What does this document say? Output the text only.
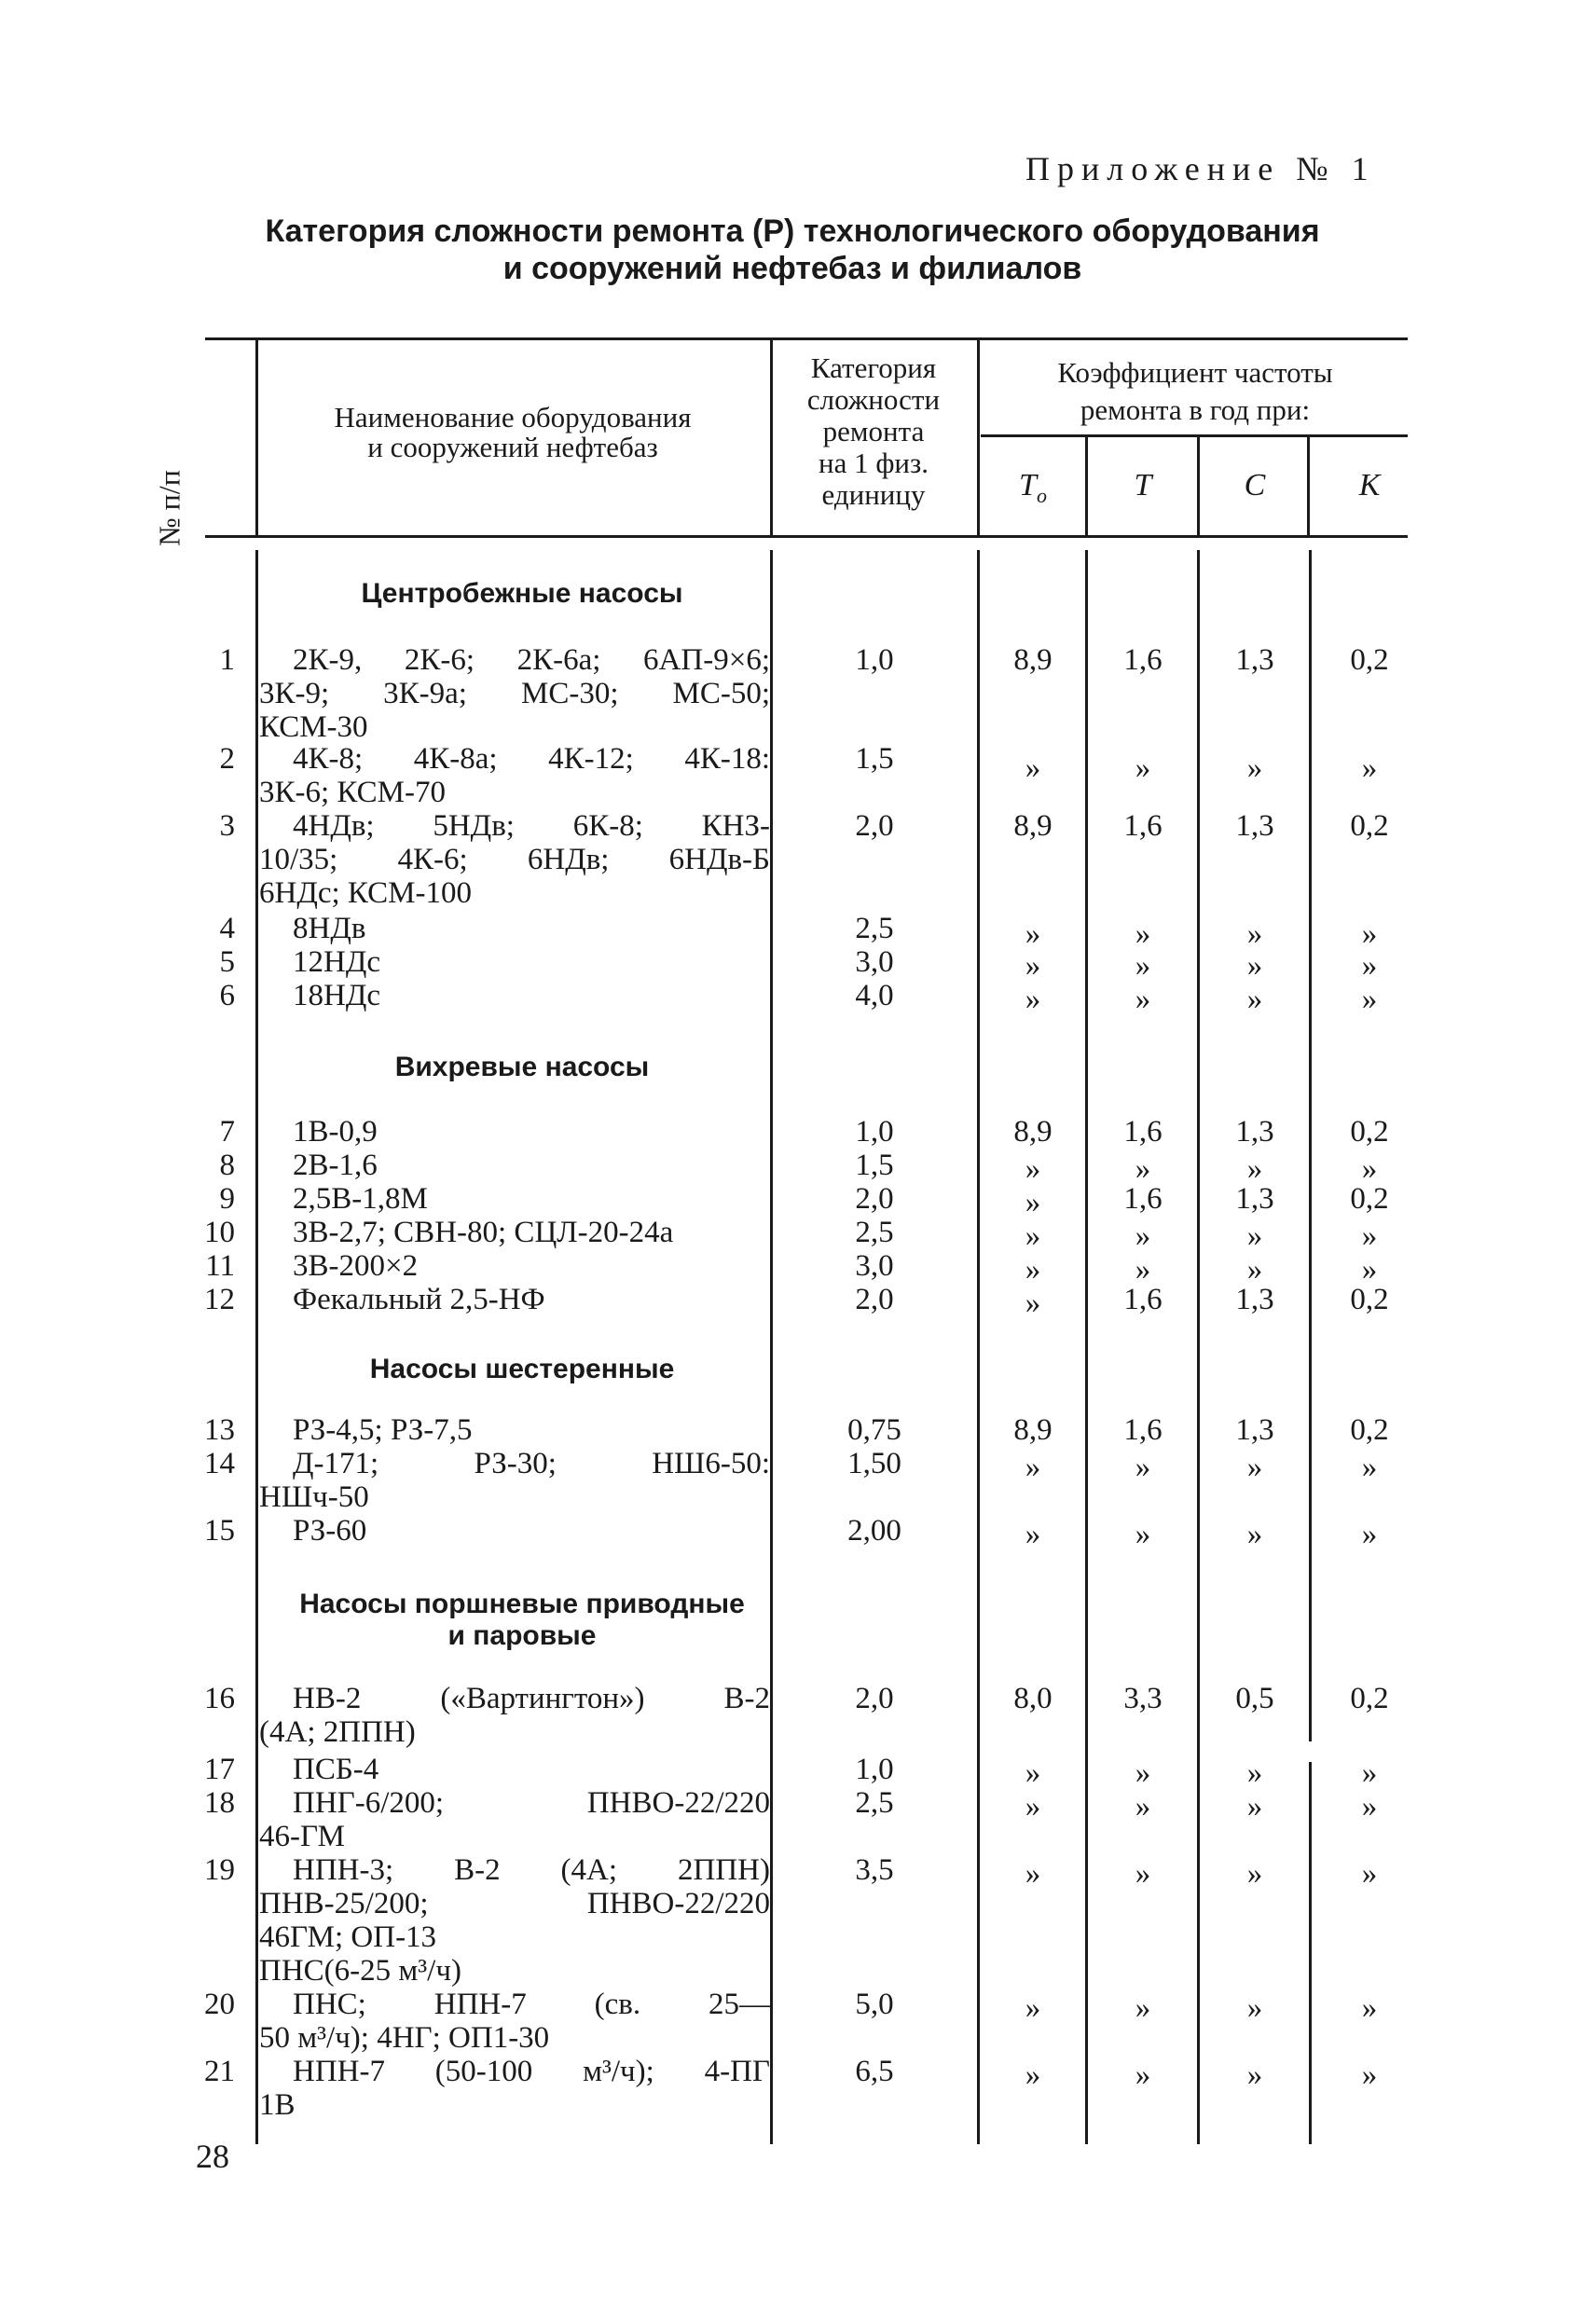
Приложение № 1
Категория сложности ремонта (Р) технологического оборудования
и сооружений нефтебаз и филиалов
№ п/п
Наименование оборудования
и сооружений нефтебаз
Категория
сложности
ремонта
на 1 физ.
единицу
Коэффициент частоты
ремонта в год при:
$Т_о$	Т	С	К
Центробежные насосы
Вихревые насосы
Насосы шестеренные
Насосы поршневые приводные
и паровые
1	2К-9, 2К-6; 2К-6а; 6АП-9×6;
3К-9; 3К-9а; МС-30; МС-50;
КСМ-30
1,0	8,9	1,6	1,3	0,2
2	4К-8; 4К-8а; 4К-12; 4К-18:
3К-6; КСМ-70
1,5	»	»	»	»
3	4НДв; 5НДв; 6К-8; КНЗ-
10/35; 4К-6; 6НДв; 6НДв-Б
6НДс; КСМ-100
2,0	8,9	1,6	1,3	0,2
4	8НДв	2,5	»	»	»	»
5	12НДс	3,0	»	»	»	»
6	18НДс	4,0	»	»	»	»
7	1В-0,9	1,0	8,9	1,6	1,3	0,2
8	2В-1,6	1,5	»	»	»	»
9	2,5В-1,8М	2,0	»	1,6	1,3	0,2
10	3В-2,7; СВН-80; СЦЛ-20-24а	2,5	»	»	»	»
11	3В-200×2	3,0	»	»	»	»
12	Фекальный 2,5-НФ	2,0	»	1,6	1,3	0,2
13	РЗ-4,5; РЗ-7,5	0,75	8,9	1,6	1,3	0,2
14	Д-171; РЗ-30; НШ6-50:
НШч-50
1,50	»	»	»	»
15	РЗ-60	2,00	»	»	»	»
16	НВ-2 («Вартингтон») В-2
(4А; 2ППН)
2,0	8,0	3,3	0,5	0,2
17	ПСБ-4	1,0	»	»	»	»
18	ПНГ-6/200; ПНВО-22/220
46-ГМ
2,5	»	»	»	»
19	НПН-3; В-2 (4А; 2ППН)
ПНВ-25/200; ПНВО-22/220
46ГМ; ОП-13
ПНС(6-25 м³/ч)
3,5	»	»	»	»
20	ПНС; НПН-7 (св. 25—
50 м³/ч); 4НГ; ОП1-30
5,0	»	»	»	»
21	НПН-7 (50-100 м³/ч); 4-ПГ
1В
6,5	»	»	»	»
28
